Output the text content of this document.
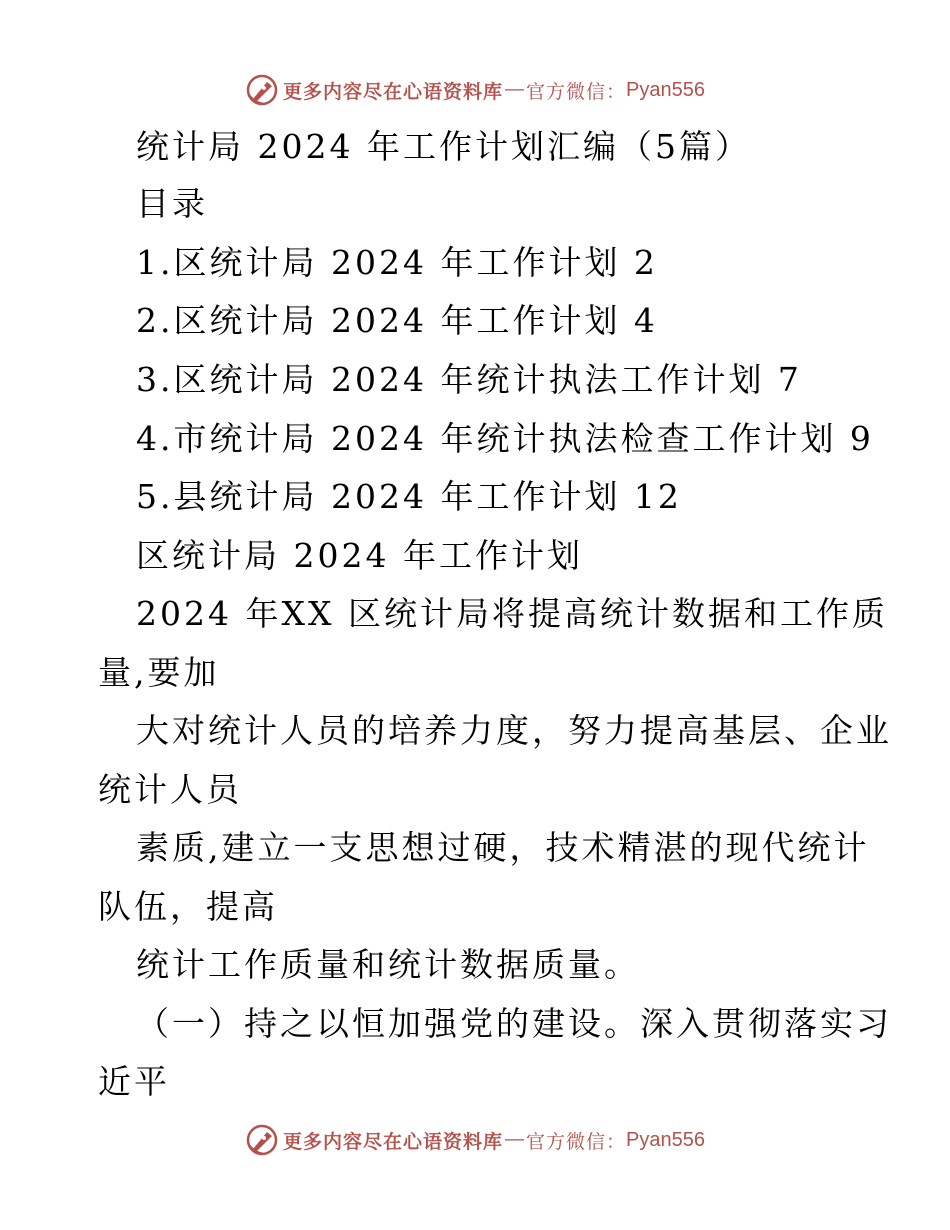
更多内容尽在心语资料库 — 官方微信： Pyan556
统计局 2024 年工作计划汇编（5篇）
目录
1.区统计局 2024 年工作计划 2
2.区统计局 2024 年工作计划 4
3.区统计局 2024 年统计执法工作计划 7
4.市统计局 2024 年统计执法检查工作计划 9
5.县统计局 2024 年工作计划 12
区统计局 2024 年工作计划
2024 年XX 区统计局将提高统计数据和工作质
量,要加
大对统计人员的培养力度，努力提高基层、企业
统计人员
素质,建立一支思想过硬，技术精湛的现代统计
队伍，提高
统计工作质量和统计数据质量。
（一）持之以恒加强党的建设。深入贯彻落实习
近平
更多内容尽在心语资料库 — 官方微信： Pyan556
